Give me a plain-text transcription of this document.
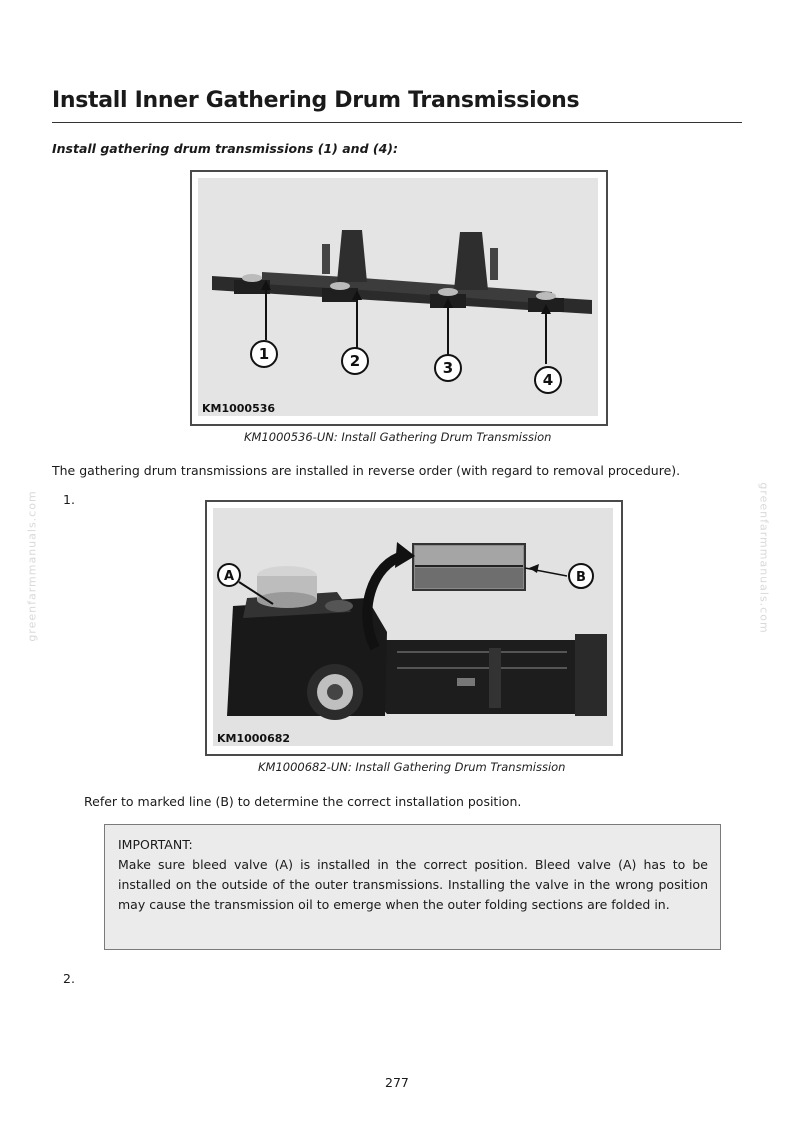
greenfarmmanuals.com	greenfarmmanuals.com
Install Inner Gathering Drum Transmissions
Install gathering drum transmissions (1) and (4):
1	2	3
4
KM1000536
KM1000536-UN: Install Gathering Drum Transmission
The gathering drum transmissions are installed in reverse order (with regard to removal procedure).
1.
A	B
KM1000682
KM1000682-UN: Install Gathering Drum Transmission
Refer to marked line (B) to determine the correct installation position.
IMPORTANT:
Make sure bleed valve (A) is installed in the correct position. Bleed valve (A) has to be installed on the outside of the outer transmissions. Installing the valve in the wrong position may cause the transmission oil to emerge when the outer folding sections are folded in.
2.
277
